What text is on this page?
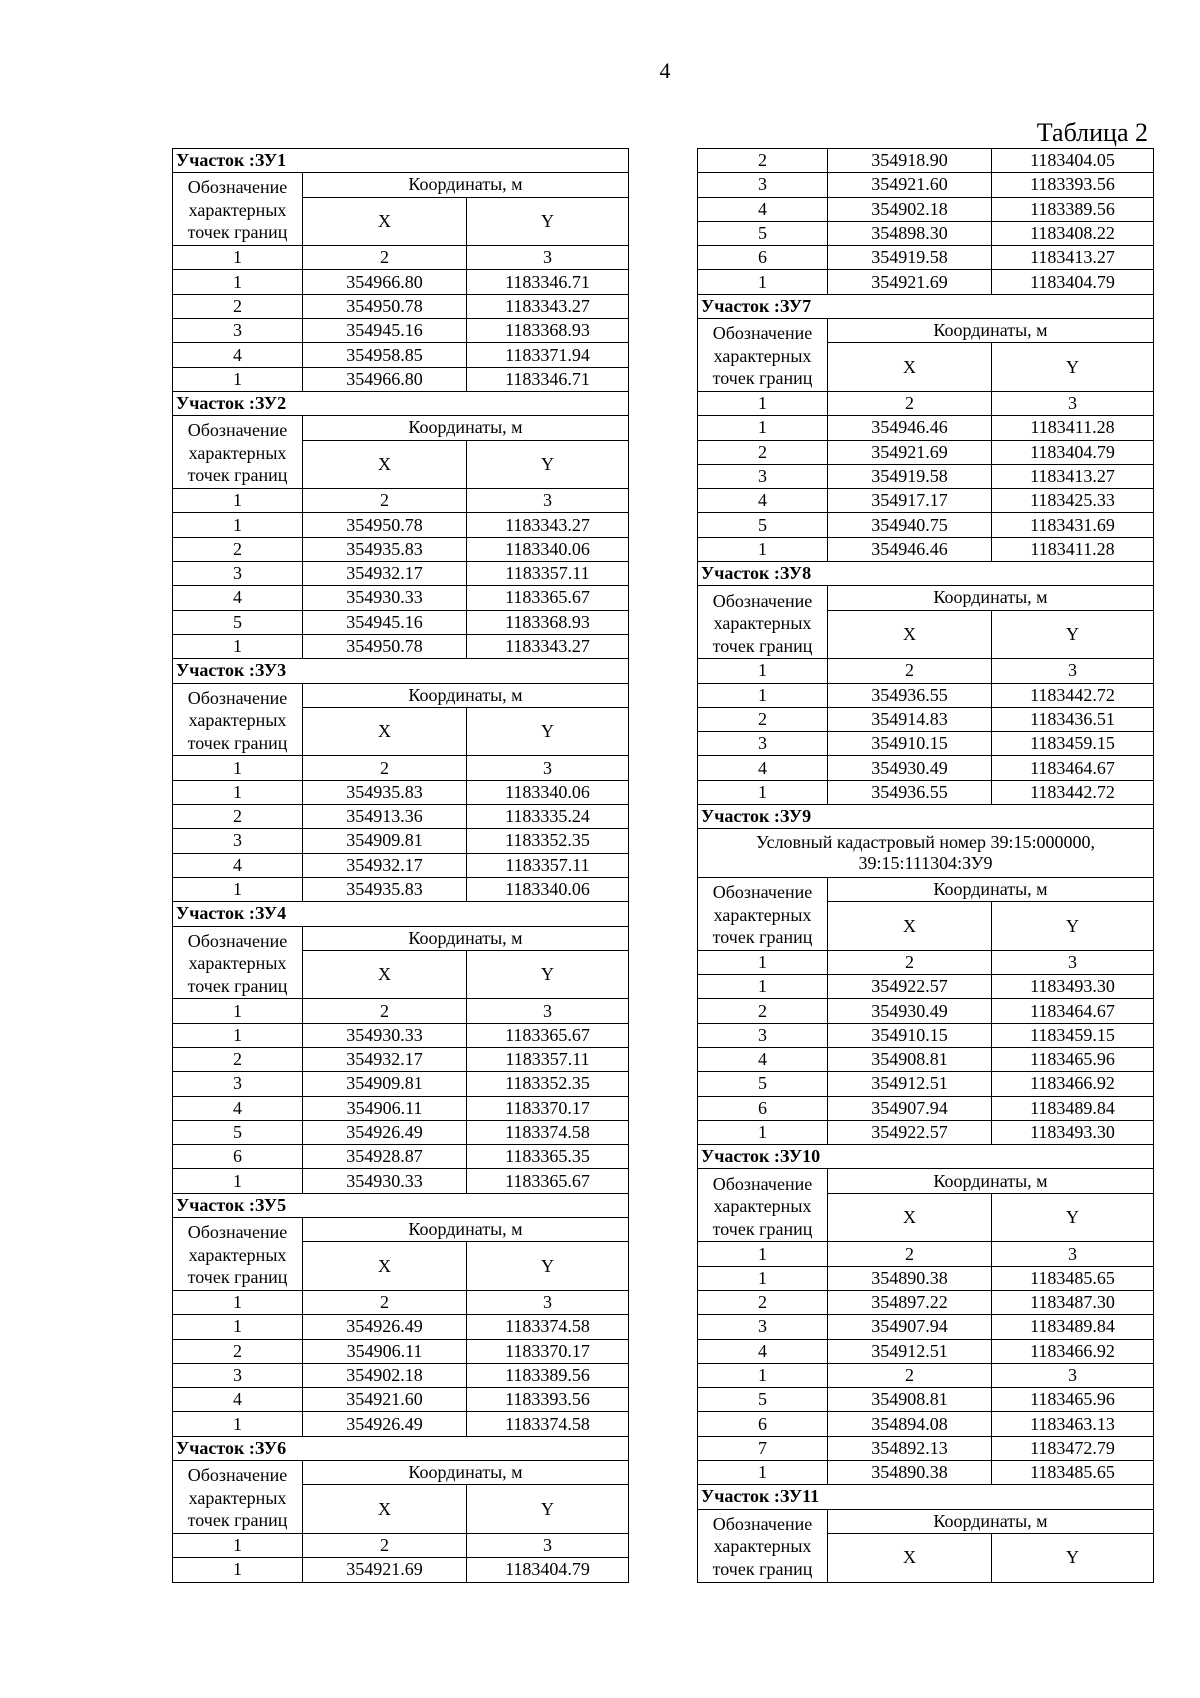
4
Таблица 2
Участок :ЗУ1
Обозначение характерных точек границ
Координаты, м
X	Y
1	2	3
1	354966.80	1183346.71
2	354950.78	1183343.27
3	354945.16	1183368.93
4	354958.85	1183371.94
1	354966.80	1183346.71
Участок :ЗУ2
Обозначение характерных точек границ
Координаты, м
X	Y
1	2	3
1	354950.78	1183343.27
2	354935.83	1183340.06
3	354932.17	1183357.11
4	354930.33	1183365.67
5	354945.16	1183368.93
1	354950.78	1183343.27
Участок :ЗУ3
Обозначение характерных точек границ
Координаты, м
X	Y
1	2	3
1	354935.83	1183340.06
2	354913.36	1183335.24
3	354909.81	1183352.35
4	354932.17	1183357.11
1	354935.83	1183340.06
Участок :ЗУ4
Обозначение характерных точек границ
Координаты, м
X	Y
1	2	3
1	354930.33	1183365.67
2	354932.17	1183357.11
3	354909.81	1183352.35
4	354906.11	1183370.17
5	354926.49	1183374.58
6	354928.87	1183365.35
1	354930.33	1183365.67
Участок :ЗУ5
Обозначение характерных точек границ
Координаты, м
X	Y
1	2	3
1	354926.49	1183374.58
2	354906.11	1183370.17
3	354902.18	1183389.56
4	354921.60	1183393.56
1	354926.49	1183374.58
Участок :ЗУ6
Обозначение характерных точек границ
Координаты, м
X	Y
1	2	3
1	354921.69	1183404.79
2	354918.90	1183404.05
3	354921.60	1183393.56
4	354902.18	1183389.56
5	354898.30	1183408.22
6	354919.58	1183413.27
1	354921.69	1183404.79
Участок :ЗУ7
Обозначение характерных точек границ
Координаты, м
X	Y
1	2	3
1	354946.46	1183411.28
2	354921.69	1183404.79
3	354919.58	1183413.27
4	354917.17	1183425.33
5	354940.75	1183431.69
1	354946.46	1183411.28
Участок :ЗУ8
Обозначение характерных точек границ
Координаты, м
X	Y
1	2	3
1	354936.55	1183442.72
2	354914.83	1183436.51
3	354910.15	1183459.15
4	354930.49	1183464.67
1	354936.55	1183442.72
Участок :ЗУ9
Условный кадастровый номер 39:15:000000,
39:15:111304:ЗУ9
Обозначение характерных точек границ
Координаты, м
X	Y
1	2	3
1	354922.57	1183493.30
2	354930.49	1183464.67
3	354910.15	1183459.15
4	354908.81	1183465.96
5	354912.51	1183466.92
6	354907.94	1183489.84
1	354922.57	1183493.30
Участок :ЗУ10
Обозначение характерных точек границ
Координаты, м
X	Y
1	2	3
1	354890.38	1183485.65
2	354897.22	1183487.30
3	354907.94	1183489.84
4	354912.51	1183466.92
1	2	3
5	354908.81	1183465.96
6	354894.08	1183463.13
7	354892.13	1183472.79
1	354890.38	1183485.65
Участок :ЗУ11
Обозначение характерных точек границ
Координаты, м
X	Y
